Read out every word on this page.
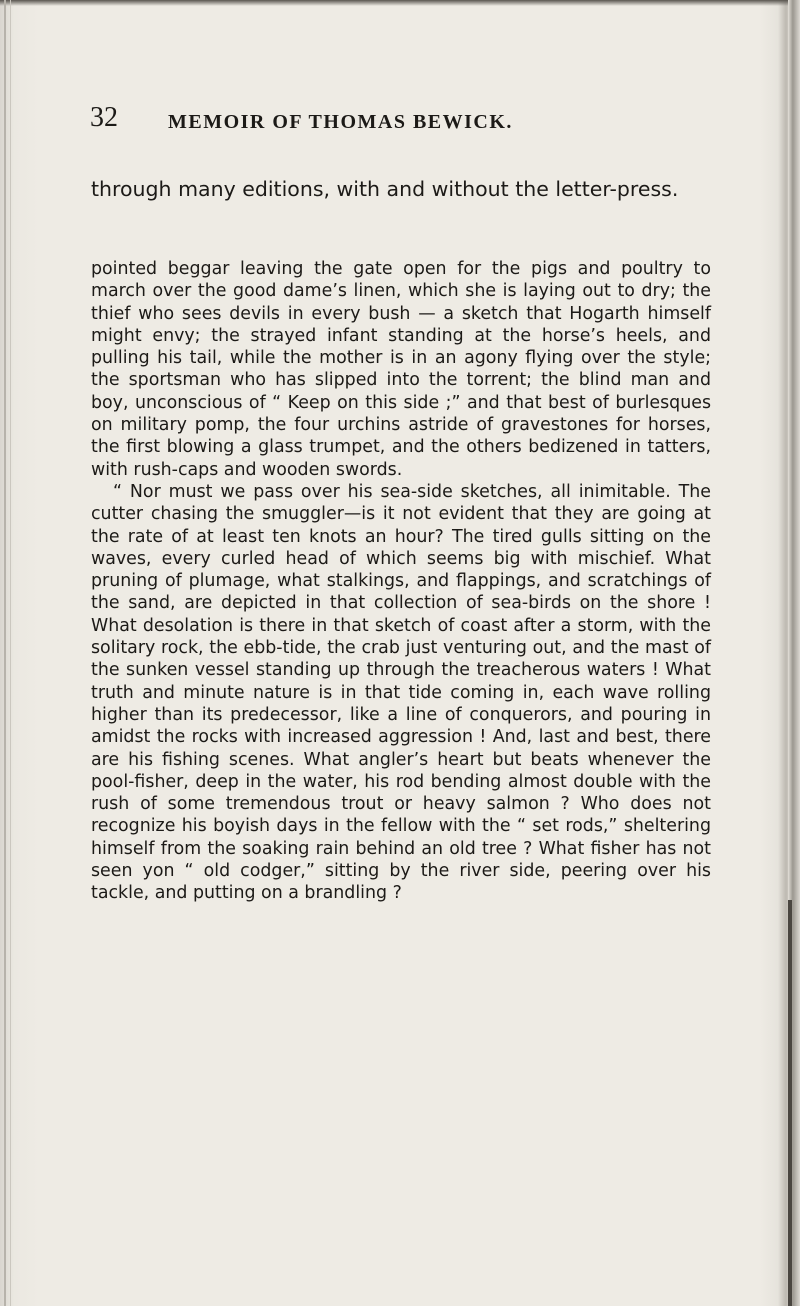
32	MEMOIR OF THOMAS BEWICK.
through many editions, with and without the letter-press.

pointed beggar leaving the gate open for the pigs and poultry to march over the good dame’s linen, which she is laying out to dry; the thief who sees devils in every bush — a sketch that Hogarth himself might envy; the strayed infant standing at the horse’s heels, and pulling his tail, while the mother is in an agony flying over the style; the sportsman who has slipped into the torrent; the blind man and boy, unconscious of “ Keep on this side ;” and that best of burlesques on military pomp, the four urchins astride of gravestones for horses, the first blowing a glass trumpet, and the others bedizened in tatters, with rush-caps and wooden swords.

“ Nor must we pass over his sea-side sketches, all inimitable. The cutter chasing the smuggler—is it not evident that they are going at the rate of at least ten knots an hour? The tired gulls sitting on the waves, every curled head of which seems big with mischief. What pruning of plumage, what stalkings, and flappings, and scratchings of the sand, are depicted in that collection of sea-birds on the shore ! What desolation is there in that sketch of coast after a storm, with the solitary rock, the ebb-tide, the crab just venturing out, and the mast of the sunken vessel standing up through the treacherous waters ! What truth and minute nature is in that tide coming in, each wave rolling higher than its predecessor, like a line of conquerors, and pouring in amidst the rocks with increased aggression ! And, last and best, there are his fishing scenes. What angler’s heart but beats whenever the pool-fisher, deep in the water, his rod bending almost double with the rush of some tremendous trout or heavy salmon ? Who does not recognize his boyish days in the fellow with the “ set rods,” sheltering himself from the soaking rain behind an old tree ? What fisher has not seen yon “ old codger,” sitting by the river side, peering over his tackle, and putting on a brandling ?
